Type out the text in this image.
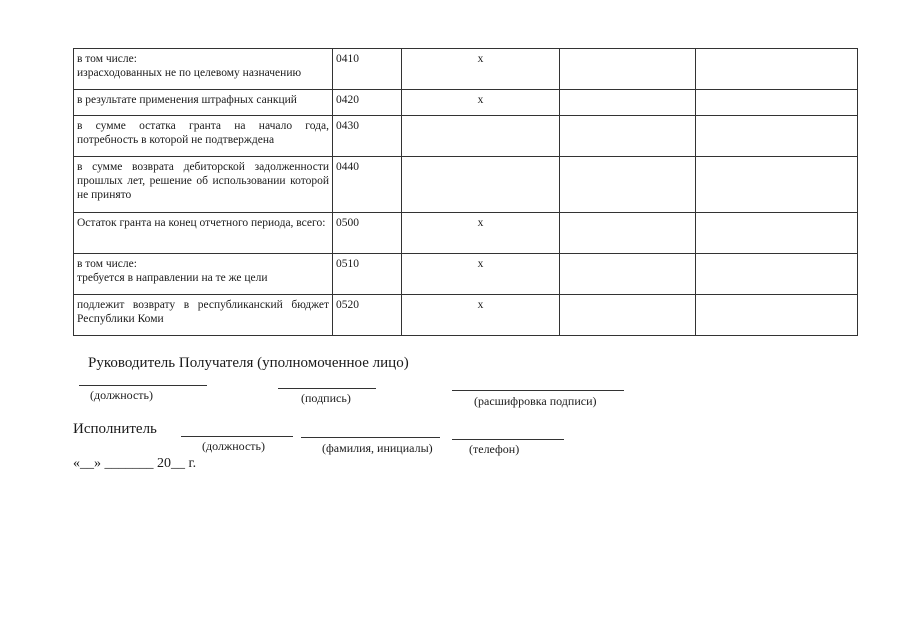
в том числе:
израсходованных не по целевому назначению	0410	x		

в результате применения штрафных санкций	0420	x		

в сумме остатка гранта на начало года, потребность в которой не подтверждена	0430			

в сумме возврата дебиторской задолженности прошлых лет, решение об использовании которой не принято	0440			

Остаток гранта на конец отчетного периода, всего:	0500	x		

в том числе:
требуется в направлении на те же цели	0510	x		

подлежит возврату в республиканский бюджет Республики Коми	0520	x		
Руководитель Получателя (уполномоченное лицо)
(должность)	(подпись)	(расшифровка подписи)
Исполнитель
(должность)	(фамилия, инициалы)	(телефон)
«__» _______ 20__ г.
